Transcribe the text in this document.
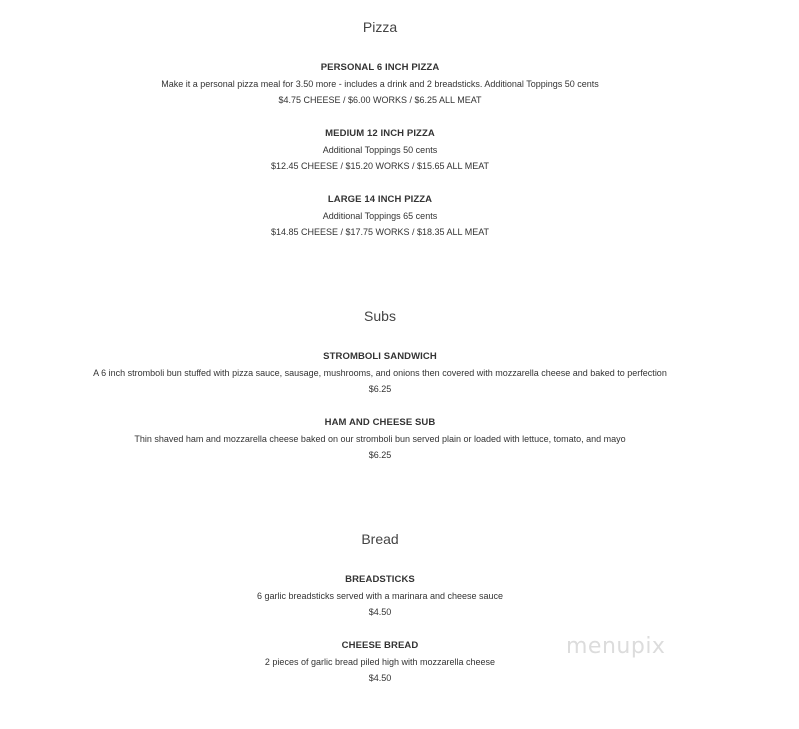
Pizza
PERSONAL 6 INCH PIZZA
Make it a personal pizza meal for 3.50 more - includes a drink and 2 breadsticks. Additional Toppings 50 cents
$4.75 CHEESE / $6.00 WORKS / $6.25 ALL MEAT
MEDIUM 12 INCH PIZZA
Additional Toppings 50 cents
$12.45 CHEESE / $15.20 WORKS / $15.65 ALL MEAT
LARGE 14 INCH PIZZA
Additional Toppings 65 cents
$14.85 CHEESE / $17.75 WORKS / $18.35 ALL MEAT
Subs
STROMBOLI SANDWICH
A 6 inch stromboli bun stuffed with pizza sauce, sausage, mushrooms, and onions then covered with mozzarella cheese and baked to perfection
$6.25
HAM AND CHEESE SUB
Thin shaved ham and mozzarella cheese baked on our stromboli bun served plain or loaded with lettuce, tomato, and mayo
$6.25
Bread
BREADSTICKS
6 garlic breadsticks served with a marinara and cheese sauce
$4.50
CHEESE BREAD
2 pieces of garlic bread piled high with mozzarella cheese
$4.50
menupix
